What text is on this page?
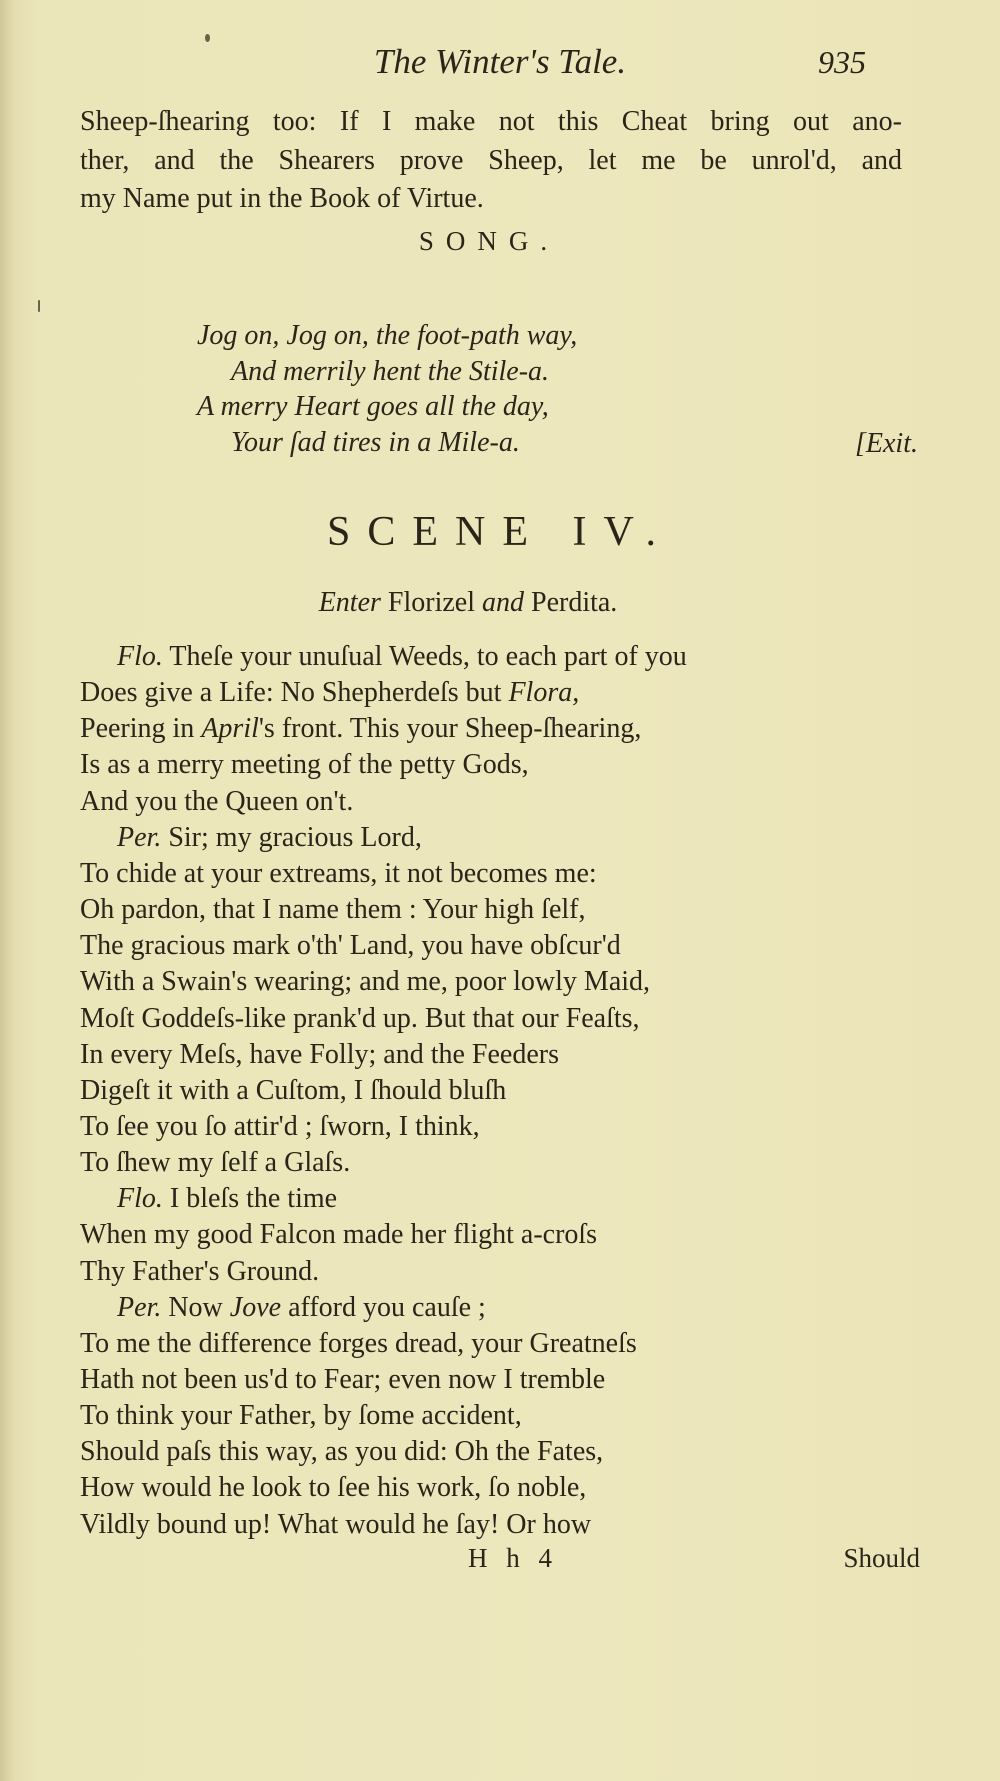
The Winter's Tale.	935
SONG.
[Exit.
SCENE IV.
Enter Florizel and Perdita.
H h 4	Should
Sheep-ſhearing too: If I make not this Cheat bring out ano-
ther, and the Shearers prove Sheep, let me be unrol'd, and
my Name put in the Book of Virtue.
Jog on, Jog on, the foot-path way,
And merrily hent the Stile-a.
A merry Heart goes all the day,
Your ſad tires in a Mile-a.
Flo. Theſe your unuſual Weeds, to each part of you
Does give a Life: No Shepherdeſs but Flora,
Peering in April's front. This your Sheep-ſhearing,
Is as a merry meeting of the petty Gods,
And you the Queen on't.
Per. Sir; my gracious Lord,
To chide at your extreams, it not becomes me:
Oh pardon, that I name them : Your high ſelf,
The gracious mark o'th' Land, you have obſcur'd
With a Swain's wearing; and me, poor lowly Maid,
Moſt Goddeſs-like prank'd up. But that our Feaſts,
In every Meſs, have Folly; and the Feeders
Digeſt it with a Cuſtom, I ſhould bluſh
To ſee you ſo attir'd ; ſworn, I think,
To ſhew my ſelf a Glaſs.
Flo. I bleſs the time
When my good Falcon made her flight a-croſs
Thy Father's Ground.
Per. Now Jove afford you cauſe ;
To me the difference forges dread, your Greatneſs
Hath not been us'd to Fear; even now I tremble
To think your Father, by ſome accident,
Should paſs this way, as you did: Oh the Fates,
How would he look to ſee his work, ſo noble,
Vildly bound up! What would he ſay! Or how
